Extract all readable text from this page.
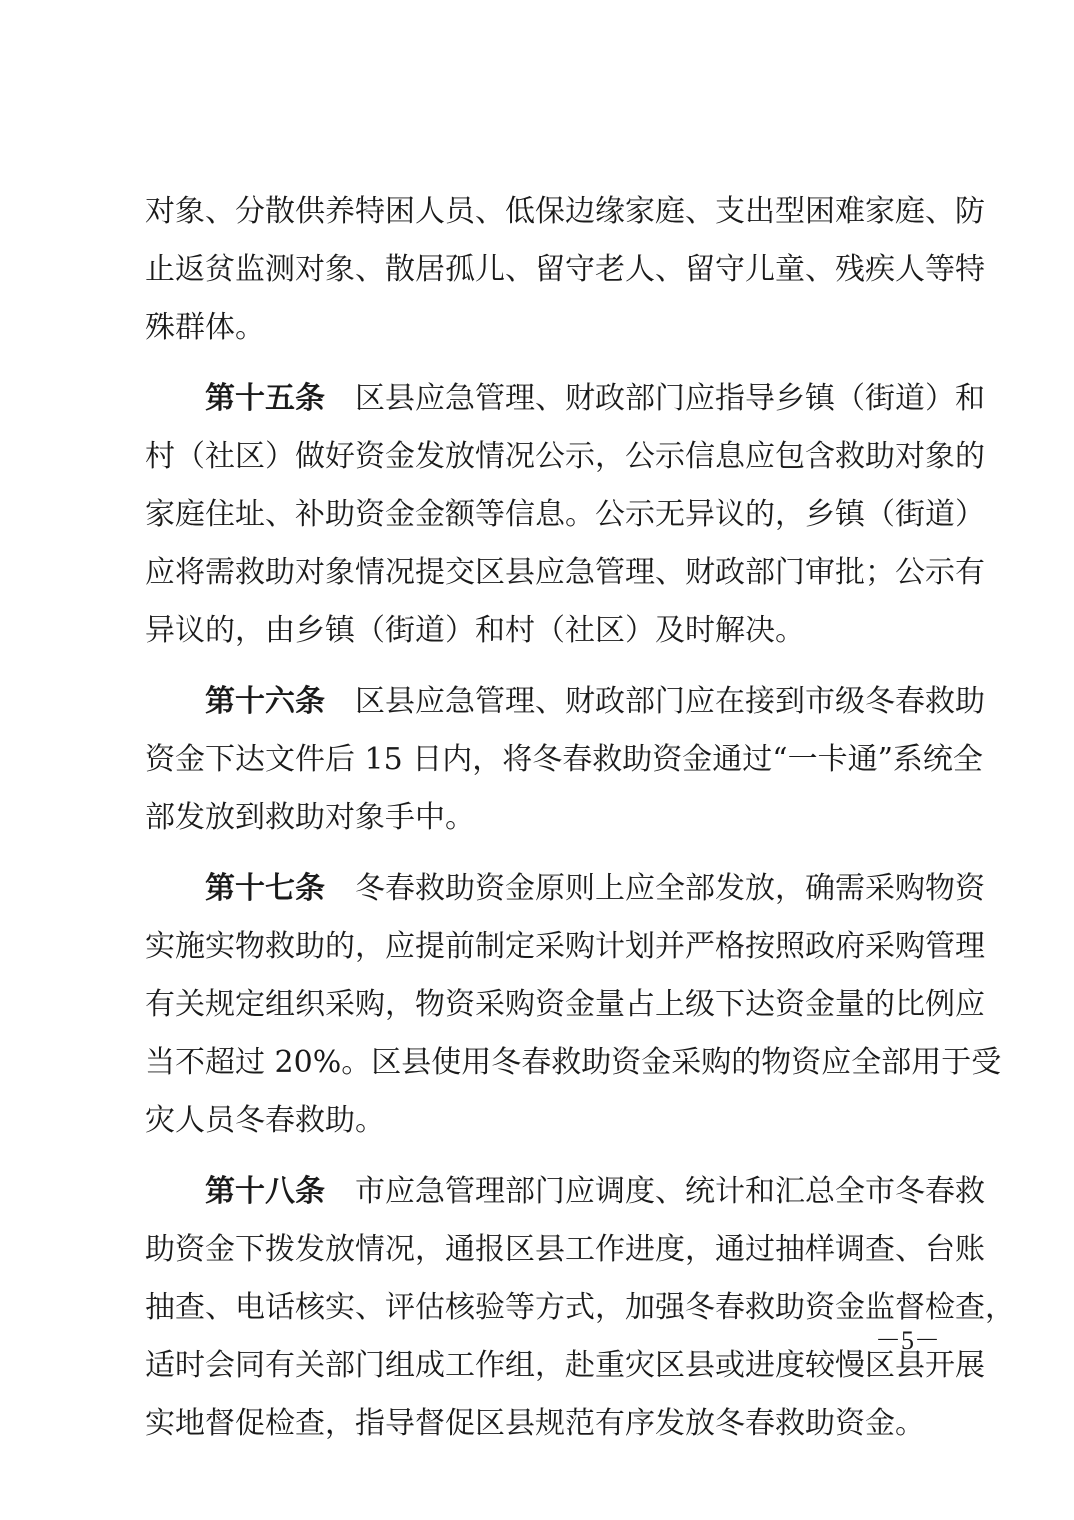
对象、分散供养特困人员、低保边缘家庭、支出型困难家庭、防
止返贫监测对象、散居孤儿、留守老人、留守儿童、残疾人等特
殊群体。
第十五条 区县应急管理、财政部门应指导乡镇（街道）和
村（社区）做好资金发放情况公示，公示信息应包含救助对象的
家庭住址、补助资金金额等信息。公示无异议的，乡镇（街道）
应将需救助对象情况提交区县应急管理、财政部门审批；公示有
异议的，由乡镇（街道）和村（社区）及时解决。
第十六条 区县应急管理、财政部门应在接到市级冬春救助
资金下达文件后 15 日内，将冬春救助资金通过“一卡通”系统全
部发放到救助对象手中。
第十七条 冬春救助资金原则上应全部发放，确需采购物资
实施实物救助的，应提前制定采购计划并严格按照政府采购管理
有关规定组织采购，物资采购资金量占上级下达资金量的比例应
当不超过 20%。区县使用冬春救助资金采购的物资应全部用于受
灾人员冬春救助。
第十八条 市应急管理部门应调度、统计和汇总全市冬春救
助资金下拨发放情况，通报区县工作进度，通过抽样调查、台账
抽查、电话核实、评估核验等方式，加强冬春救助资金监督检查，
适时会同有关部门组成工作组，赴重灾区县或进度较慢区县开展
实地督促检查，指导督促区县规范有序发放冬春救助资金。
－5－
